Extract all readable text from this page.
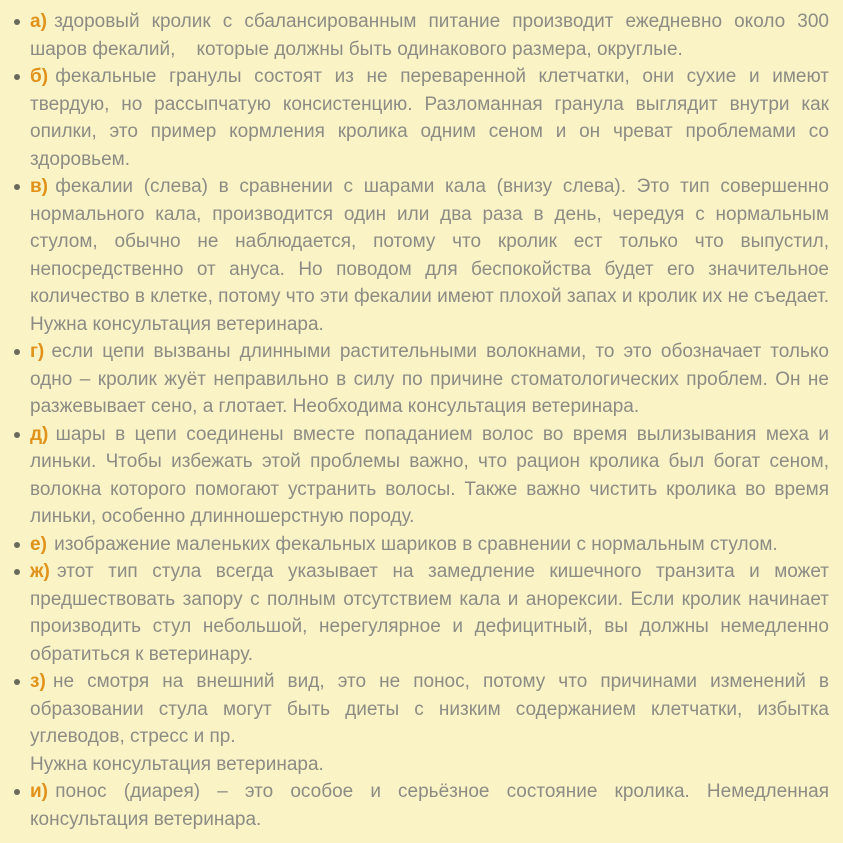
а) здоровый кролик с сбалансированным питание производит ежедневно около 300 шаров фекалий,    которые должны быть одинакового размера, округлые.

б) фекальные гранулы состоят из не переваренной клетчатки, они сухие и имеют твердую, но рассыпчатую консистенцию. Разломанная гранула выглядит внутри как опилки, это пример кормления кролика одним сеном и он чреват проблемами со здоровьем.

в) фекалии (слева) в сравнении с шарами кала (внизу слева). Это тип совершенно нормального кала, производится один или два раза в день, чередуя с нормальным стулом, обычно не наблюдается, потому что кролик ест только что выпустил, непосредственно от ануса. Но поводом для беспокойства будет его значительное количество в клетке, потому что эти фекалии имеют плохой запах и кролик их не съедает. Нужна консультация ветеринара.

г) если цепи вызваны длинными растительными волокнами, то это обозначает только одно – кролик жуёт неправильно в силу по причине стоматологических проблем. Он не разжевывает сено, а глотает. Необходима консультация ветеринара.

д) шары в цепи соединены вместе попаданием волос во время вылизывания меха и линьки. Чтобы избежать этой проблемы важно, что рацион кролика был богат сеном, волокна которого помогают устранить волосы. Также важно чистить кролика во время линьки, особенно длинношерстную породу.

е) изображение маленьких фекальных шариков в сравнении с нормальным стулом.

ж) этот тип стула всегда указывает на замедление кишечного транзита и может предшествовать запору с полным отсутствием кала и анорексии. Если кролик начинает производить стул небольшой, нерегулярное и дефицитный, вы должны немедленно обратиться к ветеринару.

з) не смотря на внешний вид, это не понос, потому что причинами изменений в образовании стула могут быть диеты с низким содержанием клетчатки, избытка углеводов, стресс и пр.

Нужна консультация ветеринара.

и) понос (диарея) – это особое и серьёзное состояние кролика. Немедленная консультация ветеринара.
